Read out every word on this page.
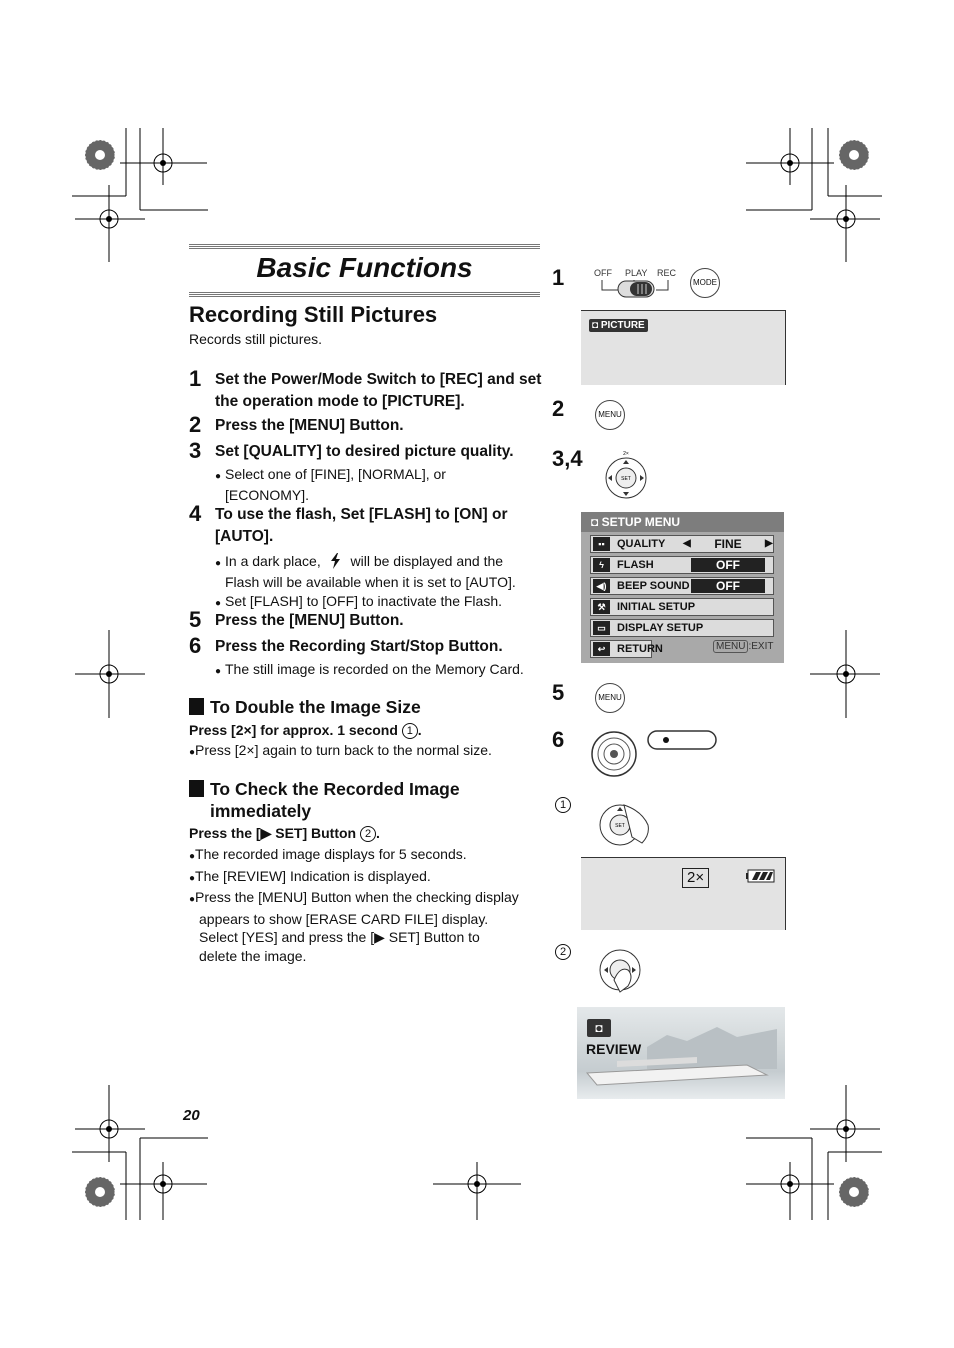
Basic Functions
Recording Still Pictures
Records still pictures.
1 Set the Power/Mode Switch to [REC] and set the operation mode to [PICTURE].
2 Press the [MENU] Button.
3 Set [QUALITY] to desired picture quality.
● Select one of [FINE], [NORMAL], or
[ECONOMY].
4 To use the flash, Set [FLASH] to [ON] or [AUTO].
● In a dark place, will be displayed and the
Flash will be available when it is set to [AUTO].
● Set [FLASH] to [OFF] to inactivate the Flash.
5 Press the [MENU] Button.
6 Press the Recording Start/Stop Button.
● The still image is recorded on the Memory Card.
To Double the Image Size
Press [2×] for approx. 1 second 1 .
●Press [2×] again to turn back to the normal size.
To Check the Recorded Image
immediately
Press the [▶ SET] Button 2 .
●The recorded image displays for 5 seconds.
●The [REVIEW] Indication is displayed.
●Press the [MENU] Button when the checking display
appears to show [ERASE CARD FILE] display.
Select [YES] and press the [▶ SET] Button to
delete the image.
20
1	OFF PLAY REC
MODE
◘ PICTURE
2	MENU
3,4
SET
2×
◘ SETUP MENU
▪▪	QUALITY ◀	FINE	▶
ϟ	FLASH	OFF
◀) BEEP SOUND	OFF
⚒	INITIAL SETUP
▭	DISPLAY SETUP
↩	RETURN	MENU :EXIT
5	MENU
6
1
SET
2×
2
◘
REVIEW
